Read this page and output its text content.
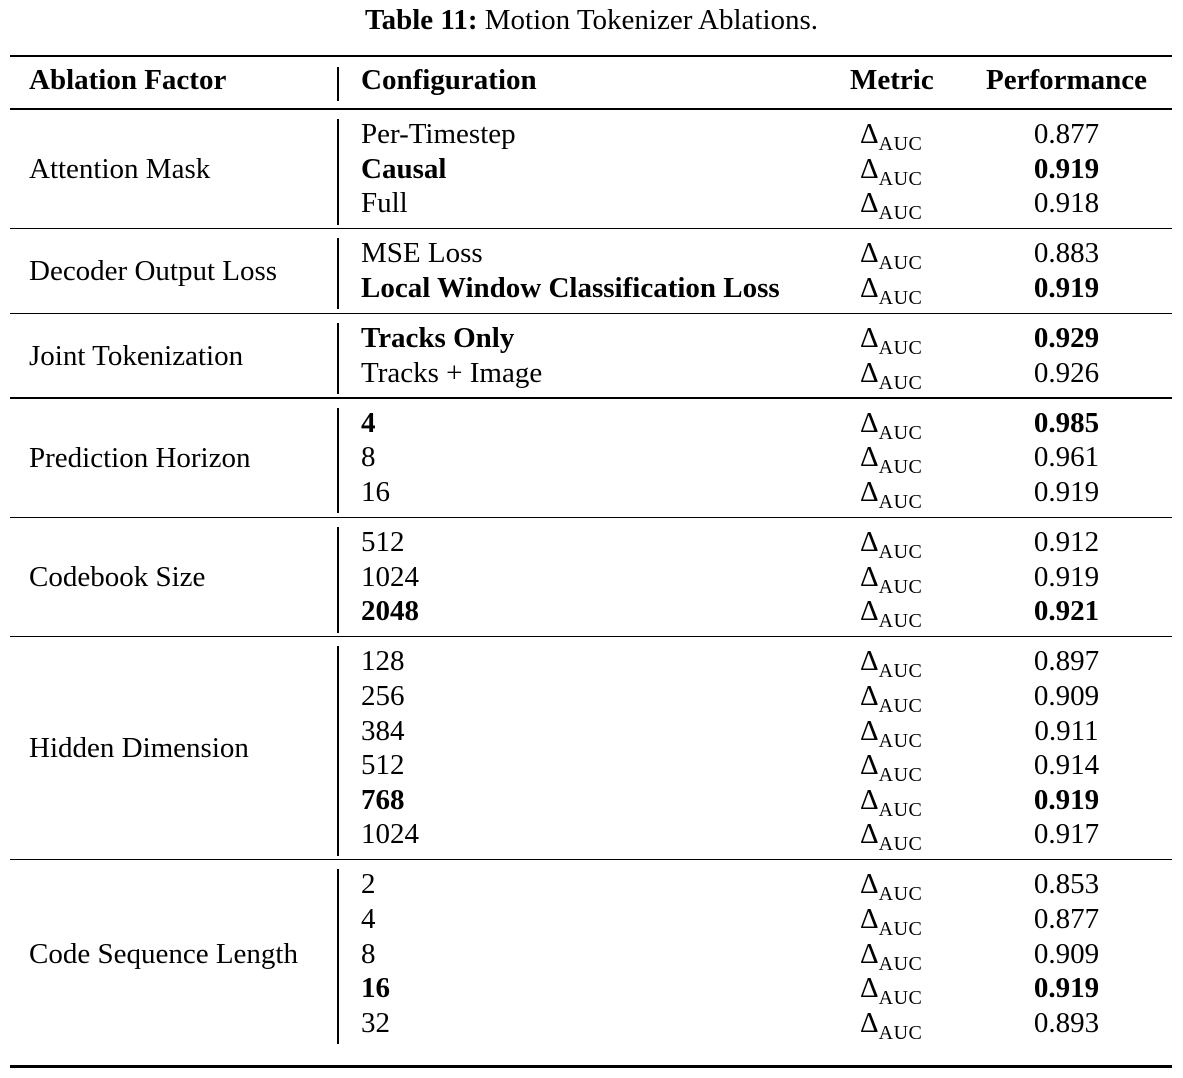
Table 11: Motion Tokenizer Ablations.
Ablation Factor	Configuration	Metric Performance
Attention Mask
Per-Timestep	$\Delta_{AUC}$	0.877
Causal	$\Delta_{AUC}$	0.919
Full	$\Delta_{AUC}$	0.918
Decoder Output Loss
MSE Loss	$\Delta_{AUC}$	0.883
Local Window Classification Loss	$\Delta_{AUC}$	0.919
Joint Tokenization
Tracks Only	$\Delta_{AUC}$	0.929
Tracks + Image	$\Delta_{AUC}$	0.926
Prediction Horizon
4	$\Delta_{AUC}$	0.985
8	$\Delta_{AUC}$	0.961
16	$\Delta_{AUC}$	0.919
Codebook Size
512	$\Delta_{AUC}$	0.912
1024	$\Delta_{AUC}$	0.919
2048	$\Delta_{AUC}$	0.921
Hidden Dimension
128	$\Delta_{AUC}$	0.897
256	$\Delta_{AUC}$	0.909
384	$\Delta_{AUC}$	0.911
512	$\Delta_{AUC}$	0.914
768	$\Delta_{AUC}$	0.919
1024	$\Delta_{AUC}$	0.917
Code Sequence Length
2	$\Delta_{AUC}$	0.853
4	$\Delta_{AUC}$	0.877
8	$\Delta_{AUC}$	0.909
16	$\Delta_{AUC}$	0.919
32	$\Delta_{AUC}$	0.893
